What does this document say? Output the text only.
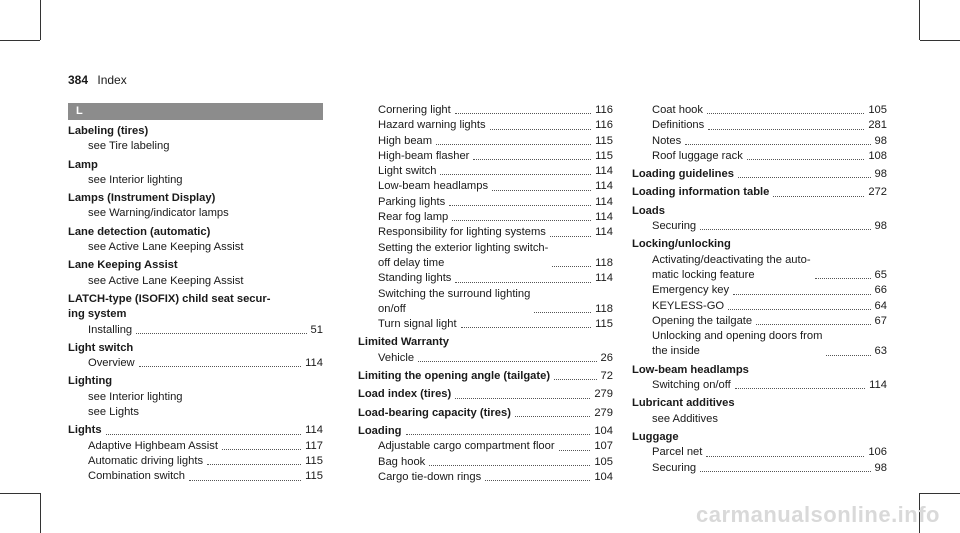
384 Index
L
Labeling (tires)
see Tire labeling
Lamp
see Interior lighting
Lamps (Instrument Display)
see Warning/indicator lamps
Lane detection (automatic)
see Active Lane Keeping Assist
Lane Keeping Assist
see Active Lane Keeping Assist
LATCH-type (ISOFIX) child seat secur-
ing system
Installing	51
Light switch
Overview	114
Lighting
see Interior lighting
see Lights
Lights	114
Adaptive Highbeam Assist	117
Automatic driving lights	115
Combination switch	115
Cornering light	116
Hazard warning lights	116
High beam	115
High-beam flasher	115
Light switch	114
Low-beam headlamps	114
Parking lights	114
Rear fog lamp	114
Responsibility for lighting systems	114
Setting the exterior lighting switch-
off delay time	118
Standing lights	114
Switching the surround lighting
on/off	118
Turn signal light	115
Limited Warranty
Vehicle	26
Limiting the opening angle (tailgate)	72
Load index (tires)	279
Load-bearing capacity (tires)	279
Loading	104
Adjustable cargo compartment floor	107
Bag hook	105
Cargo tie-down rings	104
Coat hook	105
Definitions	281
Notes	98
Roof luggage rack	108
Loading guidelines	98
Loading information table	272
Loads
Securing	98
Locking/unlocking
Activating/deactivating the auto-
matic locking feature	65
Emergency key	66
KEYLESS-GO	64
Opening the tailgate	67
Unlocking and opening doors from
the inside	63
Low-beam headlamps
Switching on/off	114
Lubricant additives
see Additives
Luggage
Parcel net	106
Securing	98
carmanualsonline.info
